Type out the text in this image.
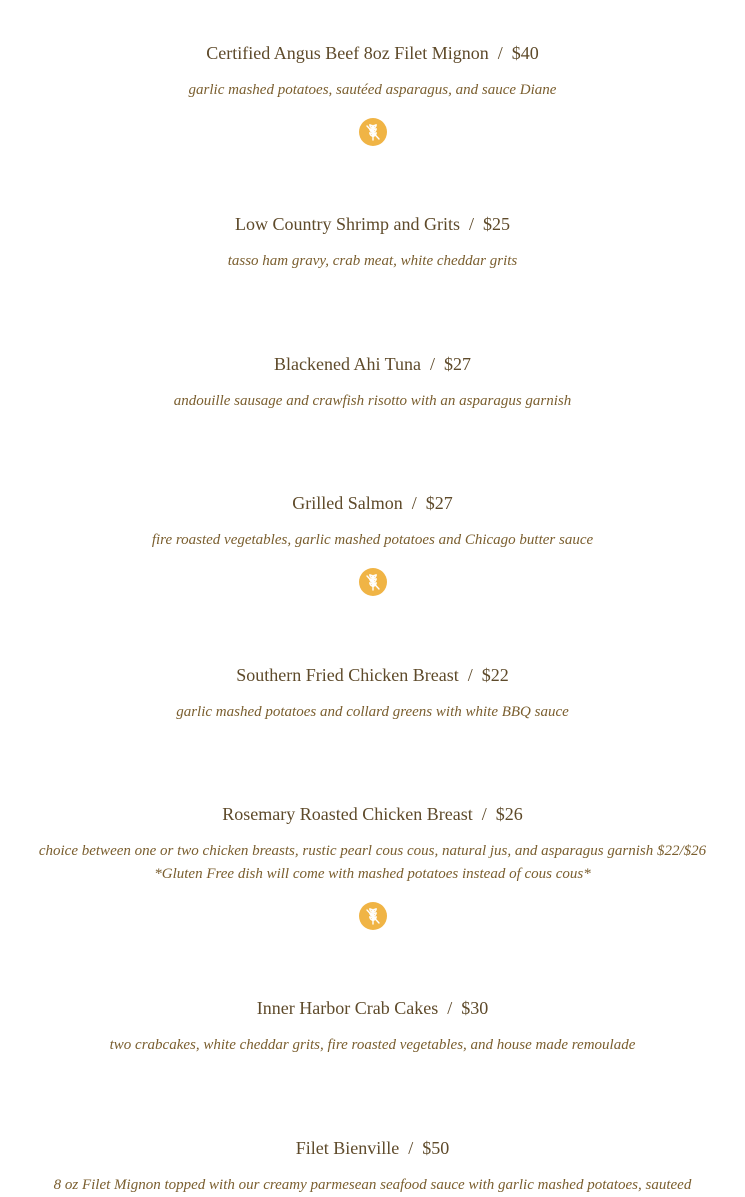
Certified Angus Beef 8oz Filet Mignon / $40
garlic mashed potatoes, sautéed asparagus, and sauce Diane
Low Country Shrimp and Grits / $25
tasso ham gravy, crab meat, white cheddar grits
Blackened Ahi Tuna / $27
andouille sausage and crawfish risotto with an asparagus garnish
Grilled Salmon / $27
fire roasted vegetables, garlic mashed potatoes and Chicago butter sauce
Southern Fried Chicken Breast / $22
garlic mashed potatoes and collard greens with white BBQ sauce
Rosemary Roasted Chicken Breast / $26
choice between one or two chicken breasts, rustic pearl cous cous, natural jus, and asparagus garnish $22/$26
*Gluten Free dish will come with mashed potatoes instead of cous cous*
Inner Harbor Crab Cakes / $30
two crabcakes, white cheddar grits, fire roasted vegetables, and house made remoulade
Filet Bienville / $50
8 oz Filet Mignon topped with our creamy parmesean seafood sauce with garlic mashed potatoes, sauteed
